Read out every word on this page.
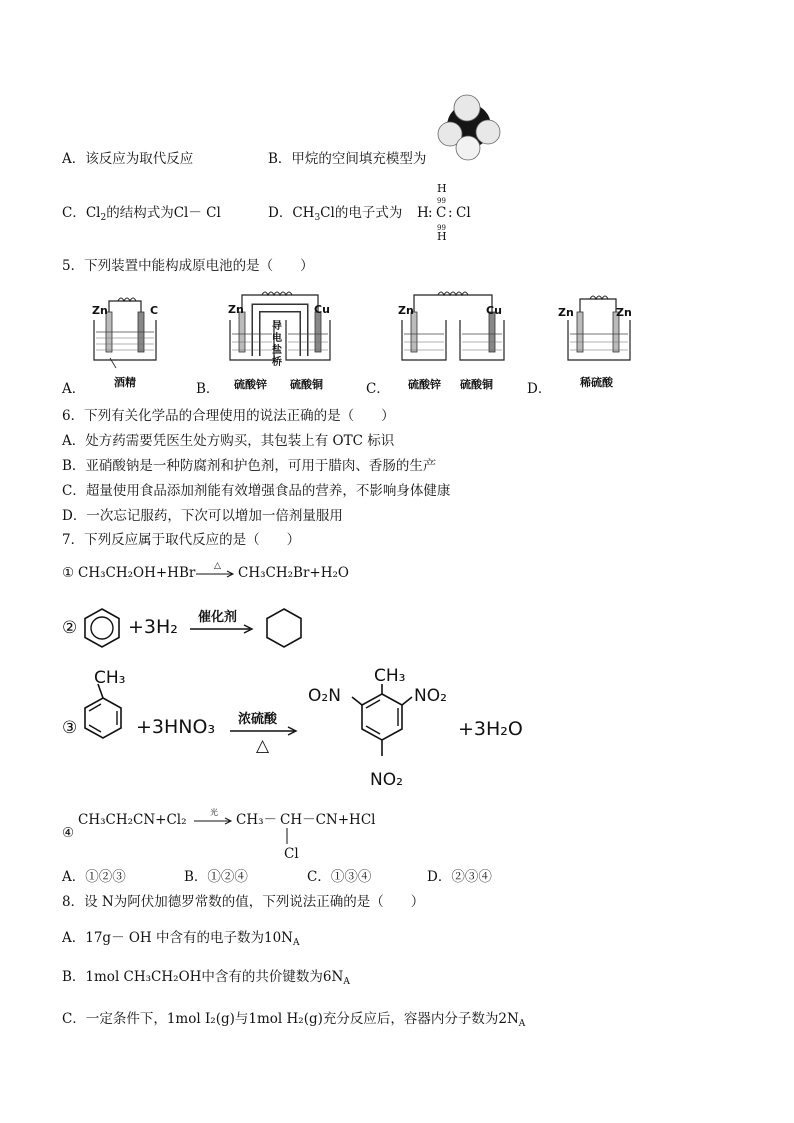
A．该反应为取代反应	B．甲烷的空间填充模型为
C．$Cl_2$的结构式为Cl－ Cl	D．$CH_3Cl$的电子式为
H
99
H : C : Cl
99
H
5．下列装置中能构成原电池的是（　　）
Zn	C
酒精
A．
Zn	Cu
导
电
盐
桥
硫酸锌 硫酸铜
B．
Zn	Cu
硫酸锌 硫酸铜
C．
Zn	Zn
稀硫酸
D．
6．下列有关化学品的合理使用的说法正确的是（　　）
A．处方药需要凭医生处方购买，其包装上有 OTC 标识
B．亚硝酸钠是一种防腐剂和护色剂，可用于腊肉、香肠的生产
C．超量使用食品添加剂能有效增强食品的营养，不影响身体健康
D．一次忘记服药，下次可以增加一倍剂量服用
7．下列反应属于取代反应的是（　　）
① CH₃CH₂OH+HBr △ → CH₃CH₂Br+H₂O
②	+3H₂ 催化剂
CH₃
③	+3HNO₃ 浓硫酸
△
CH₃
O₂N	NO₂
NO₂
+3H₂O
CH₃CH₂CN+Cl₂	光 → CH₃－ CH－CN+HCl
④
Cl
A．①②③	B．①②④	C．①③④	D．②③④
8．设 N为阿伏加德罗常数的值，下列说法正确的是（　　）
A．17g－ OH 中含有的电子数为$10N_A$
B．1mol CH₃CH₂OH中含有的共价键数为$6N_A$
C．一定条件下，1mol I₂(g)与1mol H₂(g)充分反应后，容器内分子数为$2N_A$
